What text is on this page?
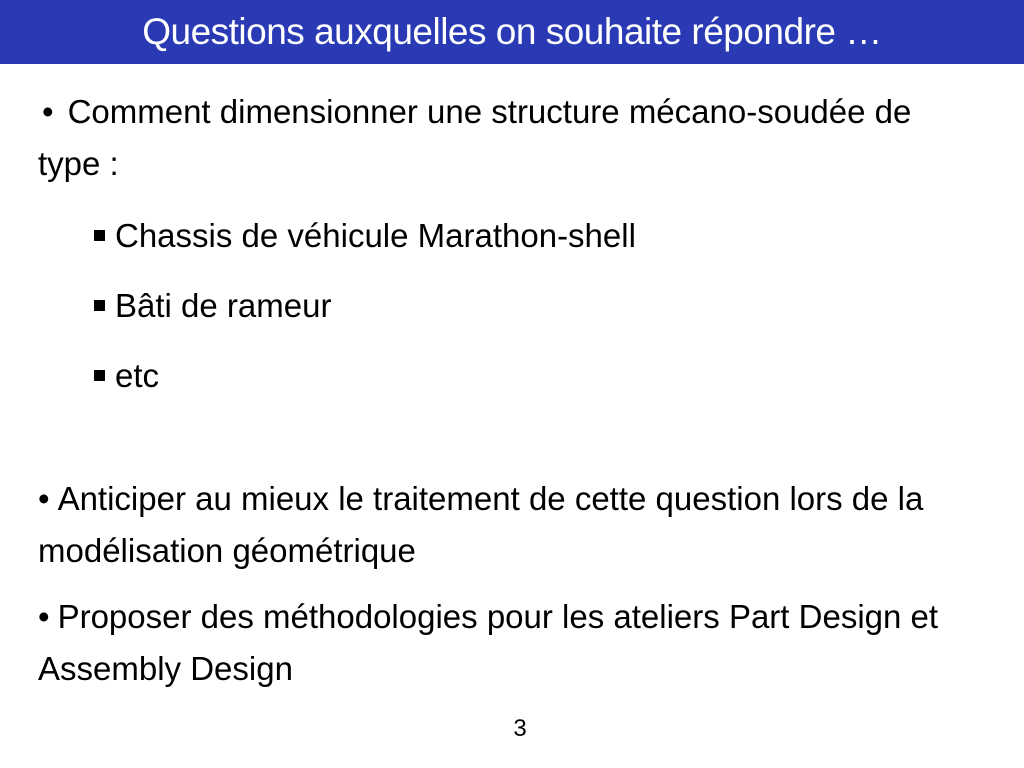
Questions auxquelles on souhaite répondre …
• Comment dimensionner une structure mécano-soudée de type :
Chassis de véhicule Marathon-shell
Bâti de rameur
etc
• Anticiper au mieux le traitement de cette question lors de la modélisation géométrique
• Proposer des méthodologies pour les ateliers Part Design et Assembly Design
3
